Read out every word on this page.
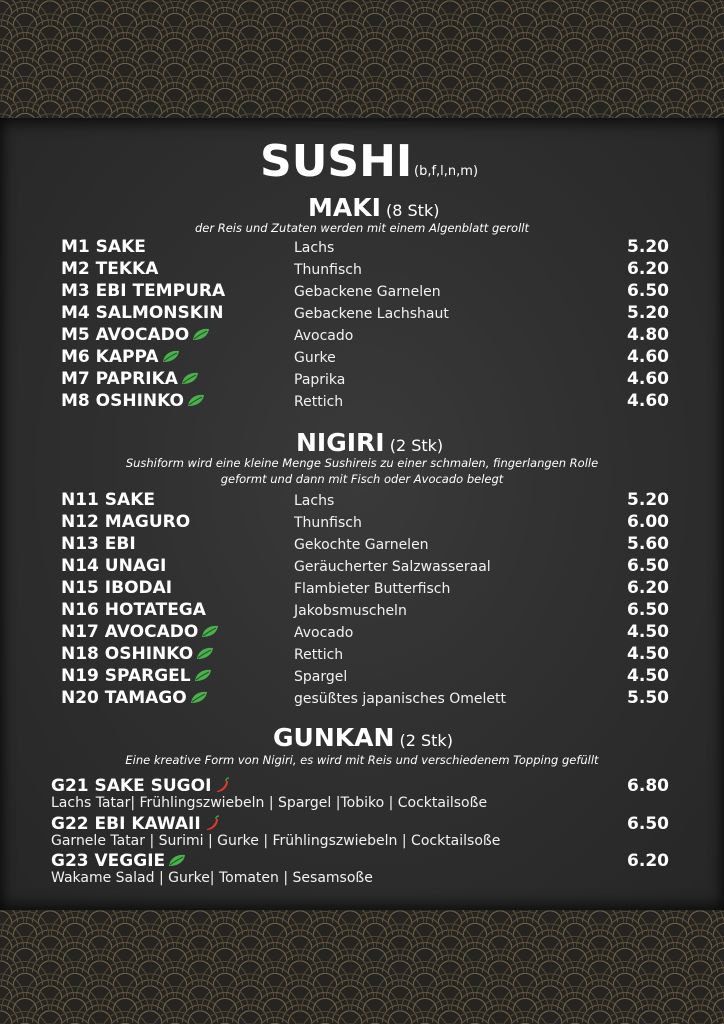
SUSHI (b,f,l,n,m)
MAKI (8 Stk)
der Reis und Zutaten werden mit einem Algenblatt gerollt
M1 SAKE	Lachs	5.20
M2 TEKKA	Thunfisch	6.20
M3 EBI TEMPURA	Gebackene Garnelen	6.50
M4 SALMONSKIN	Gebackene Lachshaut	5.20
M5 AVOCADO	Avocado	4.80
M6 KAPPA	Gurke	4.60
M7 PAPRIKA	Paprika	4.60
M8 OSHINKO	Rettich	4.60
NIGIRI (2 Stk)
Sushiform wird eine kleine Menge Sushireis zu einer schmalen, fingerlangen Rolle
geformt und dann mit Fisch oder Avocado belegt
N11 SAKE	Lachs	5.20
N12 MAGURO	Thunfisch	6.00
N13 EBI	Gekochte Garnelen	5.60
N14 UNAGI	Geräucherter Salzwasseraal	6.50
N15 IBODAI	Flambieter Butterfisch	6.20
N16 HOTATEGA	Jakobsmuscheln	6.50
N17 AVOCADO	Avocado	4.50
N18 OSHINKO	Rettich	4.50
N19 SPARGEL	Spargel	4.50
N20 TAMAGO	gesüßtes japanisches Omelett	5.50
GUNKAN (2 Stk)
Eine kreative Form von Nigiri, es wird mit Reis und verschiedenem Topping gefüllt
G21 SAKE SUGOI	6.80
Lachs Tatar| Frühlingszwiebeln | Spargel |Tobiko | Cocktailsoße
G22 EBI KAWAII	6.50
Garnele Tatar | Surimi | Gurke | Frühlingszwiebeln | Cocktailsoße
G23 VEGGIE	6.20
Wakame Salad | Gurke| Tomaten | Sesamsoße
